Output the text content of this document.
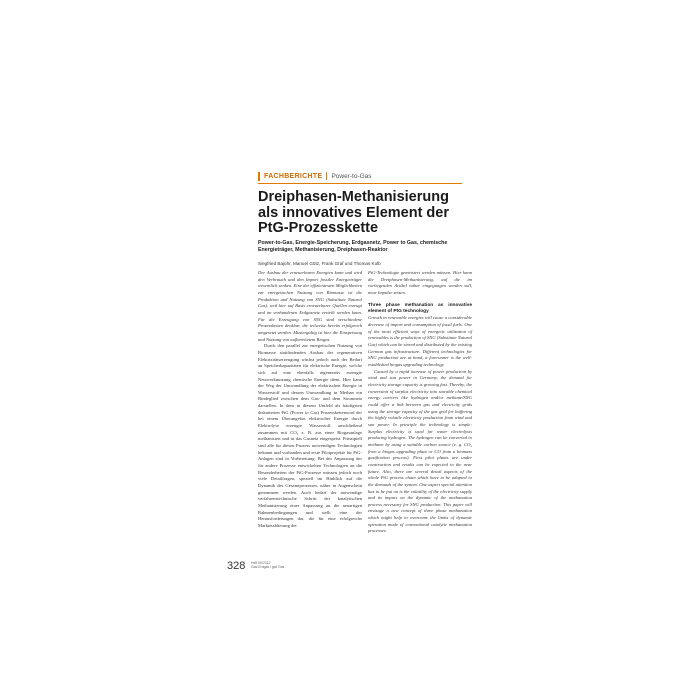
FACHBERICHTE Power-to-Gas
Dreiphasen-Methanisierung als innovatives Element der PtG-Prozesskette

Power-to-Gas, Energie-Speicherung, Erdgasnetz, Power to Gas, chemische Energieträger, Methanisierung, Dreiphasen-Reaktor

Siegfried Bajohr, Manuel Götz, Frank Graf und Thomas Kolb

Der Ausbau der erneuerbaren Energien kann und wird den Verbrauch und den Import fossiler Energieträger wesentlich senken. Eine der effizientesten Möglichkeiten zur energetischen Nutzung von Biomasse ist die Produktion und Nutzung von SNG (Substitute Natural Gas), weil hier auf Basis erneuerbarer Quellen erzeugt und im vorhandenen Erdgasnetz verteilt werden kann. Für die Erzeugung von SNG sind verschiedene Prozessketten denkbar, die teilweise bereits erfolgreich umgesetzt werden. Mustergültig ist hier die Einspeisung und Nutzung von aufbereitetem Biogas.

Durch den parallel zur energetischen Nutzung von Biomasse stattfindenden Ausbau der regenerativen Elektrizitätserzeugung wächst jedoch auch der Bedarf an Speicherkapazitäten für elektrische Energie, welche sich auf eine ebenfalls regenerativ erzeugte Netzwerknutzung chemische Energie dient. Hier kann der Weg der Umwandlung der elektrischen Energie in Wasserstoff und dessen Umwandlung in Methan ein Bindeglied zwischen dem Gas- und dem Stromnetz darstellen. In dem in diesem Umfeld als häufigsten diskutierten PtG (Power to Gas) Prozesskettenwird der bei einem Überangebot elektrischer Energie durch Elektrolyse erzeugte Wasserstoff anschließend zusammen mit CO₂ z. B. aus einer Biogasanlage methanisiert und in das Gasnetz eingespeist. Prinzipiell sind alle für diesen Prozess notwendigen Technologien bekannt und vorhanden und erste Pilotprojekte für PtG-Anlagen sind in Vorbereitung. Bei der Anpassung der für andere Prozesse entwickelten Technologien an die Besonderheiten der PtG-Prozesse müssen jedoch noch viele Detailfragen, speziell im Hinblick auf die Dynamik des Gesamtprozesses, näher in Augenschein genommen werden. Auch bedarf der notwendige verfahrenstechnische Schritt der katalytischen Methanisierung einer Anpassung an die neuartigen Rahmenbedingungen und stellt eine der Herausforderungen dar, die für eine erfolgreiche Marktetablierung der

PtG-Technologie gemeistert werden müssen. Hier kann die Dreiphasen-Methanisierung, auf die im vorliegenden Artikel näher eingegangen werden soll, neue Impulse setzen.

Three phase methanation as innovative element of PtG technology

Growth in renewable energies will cause a considerable decrease of import and consumption of fossil fuels. One of the most efficient ways of energetic utilization of renewables is the production of SNG (Substitute Natural Gas) which can be stored and distributed by the existing German gas infrastructure. Different technologies for SNG production are at hand, a forerunner is the well-established biogas upgrading technology.

Caused by a rapid increase of power production by wind and sun power in Germany, the demand for electricity storage capacity is growing fast. Thereby, the conversion of surplus electricity into storable chemical energy carriers like hydrogen and/or methane/SNG could offer a link between gas and electricity grids using the storage capacity of the gas grid for buffering the highly volatile electricity production from wind and sun power. In principle the technology is simple: Surplus electricity is used for water electrolysis producing hydrogen. The hydrogen can be converted to methane by using a suitable carbon source (e. g. CO₂ from a biogas upgrading plant or CO from a biomass gasification process). First pilot plants are under construction and results can be expected in the near future. Also, there are several detail aspects of the whole PtG process chain which have to be adapted to the demands of the system. One aspect special attention has to be put on is the volatility of the electricity supply and its impact on the dynamic of the methanation process necessary for SNG production. This paper will envisage a new concept of three phase methanation which might help to overcome the limits of dynamic operation mode of conventional catalytic methanation processes.

328 Heft 06/2012
Gas-Erdgas / gwf Gas
